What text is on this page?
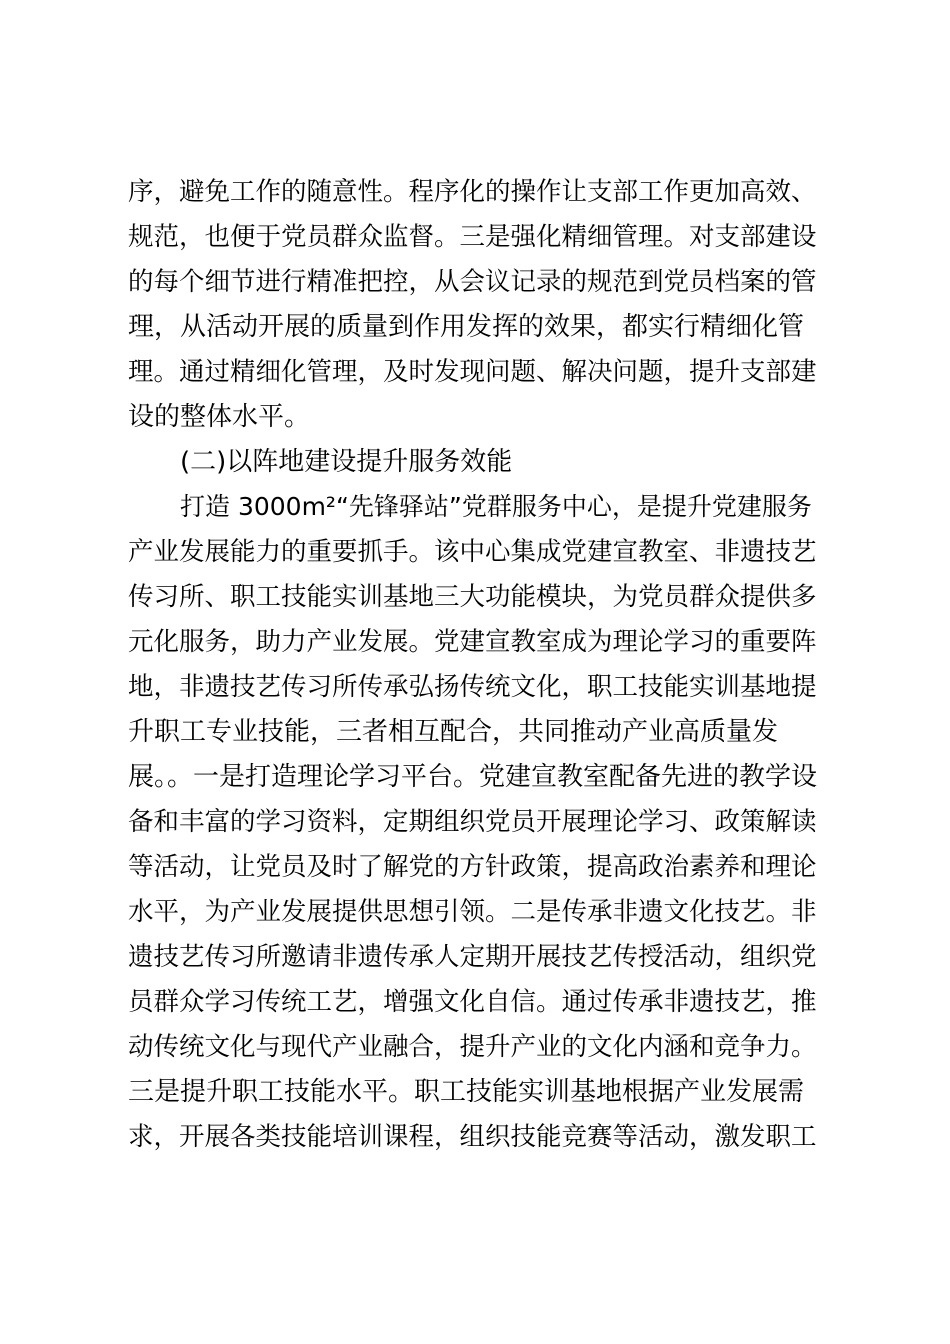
序，避免工作的随意性。程序化的操作让支部工作更加高效、
规范，也便于党员群众监督。三是强化精细管理。对支部建设
的每个细节进行精准把控，从会议记录的规范到党员档案的管
理，从活动开展的质量到作用发挥的效果，都实行精细化管
理。通过精细化管理，及时发现问题、解决问题，提升支部建
设的整体水平。
(二)以阵地建设提升服务效能
打造 3000m²“先锋驿站”党群服务中心，是提升党建服务
产业发展能力的重要抓手。该中心集成党建宣教室、非遗技艺
传习所、职工技能实训基地三大功能模块，为党员群众提供多
元化服务，助力产业发展。党建宣教室成为理论学习的重要阵
地，非遗技艺传习所传承弘扬传统文化，职工技能实训基地提
升职工专业技能，三者相互配合，共同推动产业高质量发
展。。一是打造理论学习平台。党建宣教室配备先进的教学设
备和丰富的学习资料，定期组织党员开展理论学习、政策解读
等活动，让党员及时了解党的方针政策，提高政治素养和理论
水平，为产业发展提供思想引领。二是传承非遗文化技艺。非
遗技艺传习所邀请非遗传承人定期开展技艺传授活动，组织党
员群众学习传统工艺，增强文化自信。通过传承非遗技艺，推
动传统文化与现代产业融合，提升产业的文化内涵和竞争力。
三是提升职工技能水平。职工技能实训基地根据产业发展需
求，开展各类技能培训课程，组织技能竞赛等活动，激发职工
